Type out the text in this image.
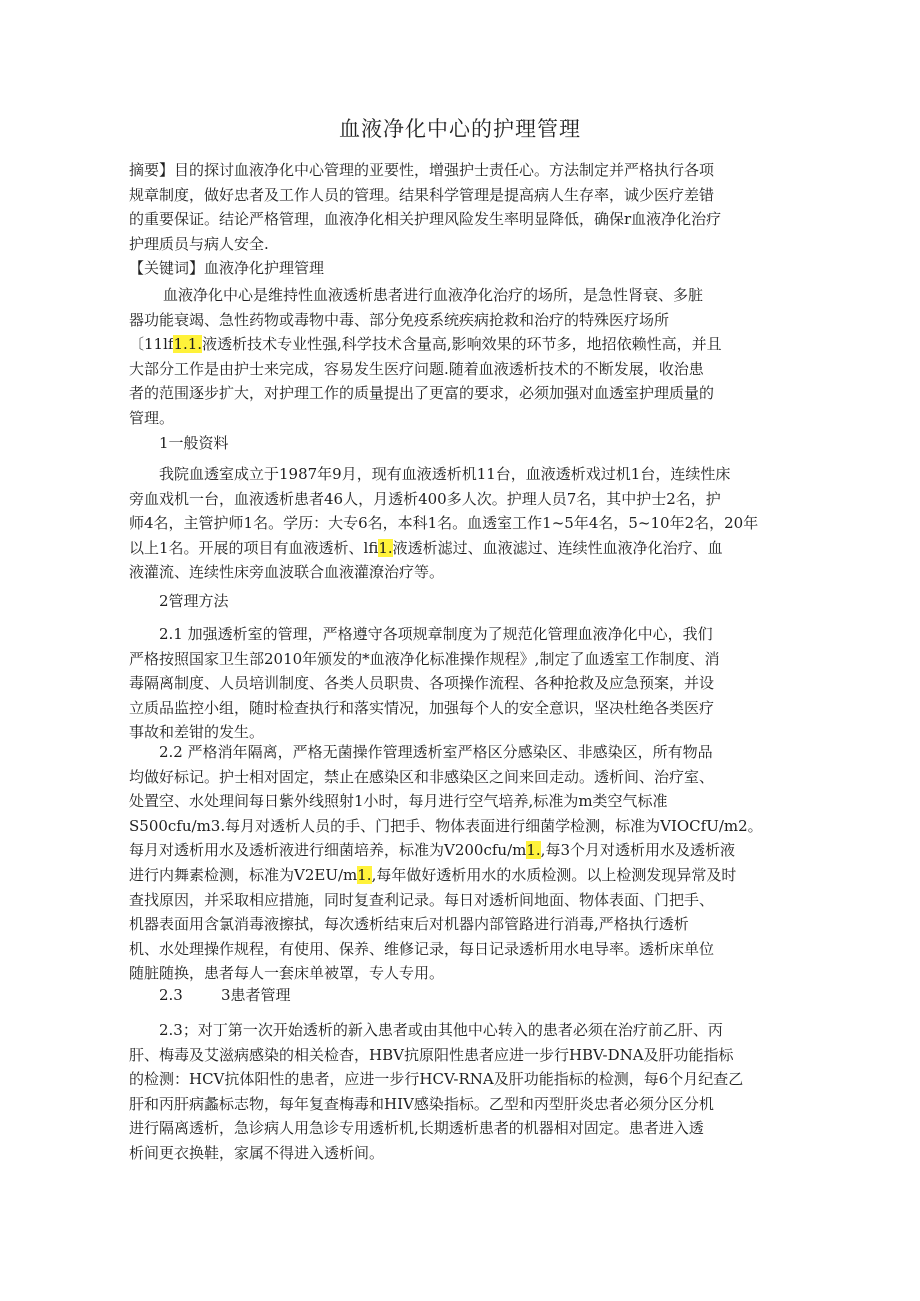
血液净化中心的护理管理
摘要】目的探讨血液净化中心管理的亚要性，增强护士责任心。方法制定并严格执行各项
规章制度，做好忠者及工作人员的管理。结果科学管理是提高病人生存率，诚少医疗差错
的重要保证。结论严格管理，血液净化相关护理风险发生率明显降低，确保r血液净化治疗
护理质员与病人安全.
【关键词】血液净化护理管理
血液净化中心是维持性血液透析患者进行血液净化治疗的场所，是急性肾衰、多脏
器功能衰竭、急性药物或毒物中毒、部分免疫系统疾病抢救和治疗的特殊医疗场所
〔11lf1.1.液透析技术专业性强,科学技术含量高,影响效果的环节多，地招依赖性高，并且
大部分工作是由护士来完成，容易发生医疗问题.随着血液透析技术的不断发展，收治患
者的范围逐步扩大，对护理工作的质量提出了更富的要求，必须加强对血透室护理质量的
管理。
1一般资料
我院血透室成立于1987年9月，现有血液透析机11台，血液透析戏过机1台，连续性床
旁血戏机一台，血液透析患者46人，月透析400多人次。护理人员7名，其中护士2名，护
师4名，主管护师1名。学历：大专6名，本科1名。血透室工作1~5年4名，5~10年2名，20年
以上1名。开展的项目有血液透析、lfi1.液透析滤过、血液滤过、连续性血液净化治疗、血
液灌流、连续性床旁血波联合血液灌潦治疗等。
2管理方法
2.1 加强透析室的管理，严格遵守各项规章制度为了规范化管理血液净化中心，我们
严格按照国家卫生部2010年颁发的*血液净化标准操作规程》,制定了血透室工作制度、消
毒隔离制度、人员培训制度、各类人员职贵、各项操作流程、各种抢救及应急预案，并设
立质品监控小组，随时检查执行和落实情况，加强每个人的安全意识，坚决杜绝各类医疗
事故和差钳的发生。
2.2 严格消年隔离，严格无菌操作管理透析室严格区分感染区、非感染区，所有物品
均做好标记。护士相对固定，禁止在感染区和非感染区之间来回走动。透析间、治疗室、
处置空、水处理间每日紫外线照射1小时，每月进行空气培养,标准为m类空气标准
S500cfu∕m3.每月对透析人员的手、门把手、物体表面进行细菌学检测，标准为VIOCfU/m2。
每月对透析用水及透析液进行细菌培养，标准为V200cfu∕m1.,每3个月对透析用水及透析液
进行内舞素检测，标准为V2EU∕m1.,每年做好透析用水的水质检测。以上检测发现异常及时
查找原因，并采取相应措施，同时复查利记录。每日对透析间地面、物体表面、门把手、
机器表面用含氯消毒液擦拭，每次透析结束后对机器内部管路进行消毒,严格执行透析
机、水处理操作规程，有使用、保养、维修记录，每日记录透析用水电导率。透析床单位
随脏随换，患者每人一套床单被罩，专人专用。
2.3        3患者管理
2.3；对丁第一次开始透析的新入患者或由其他中心转入的患者必须在治疗前乙肝、丙
肝、梅毒及艾滋病感染的相关检杳，HBV抗原阳性患者应进一步行HBV-DNA及肝功能指标
的检测：HCV抗体阳性的患者，应进一步行HCV-RNA及肝功能指标的检测，每6个月纪查乙
肝和丙肝病蠡标志物，每年复查梅毒和HIV感染指标。乙型和丙型肝炎忠者必须分区分机
进行隔离透析，急诊病人用急诊专用透析机,长期透析患者的机器相对固定。患者进入透
析间更衣换鞋，家属不得进入透析间。
